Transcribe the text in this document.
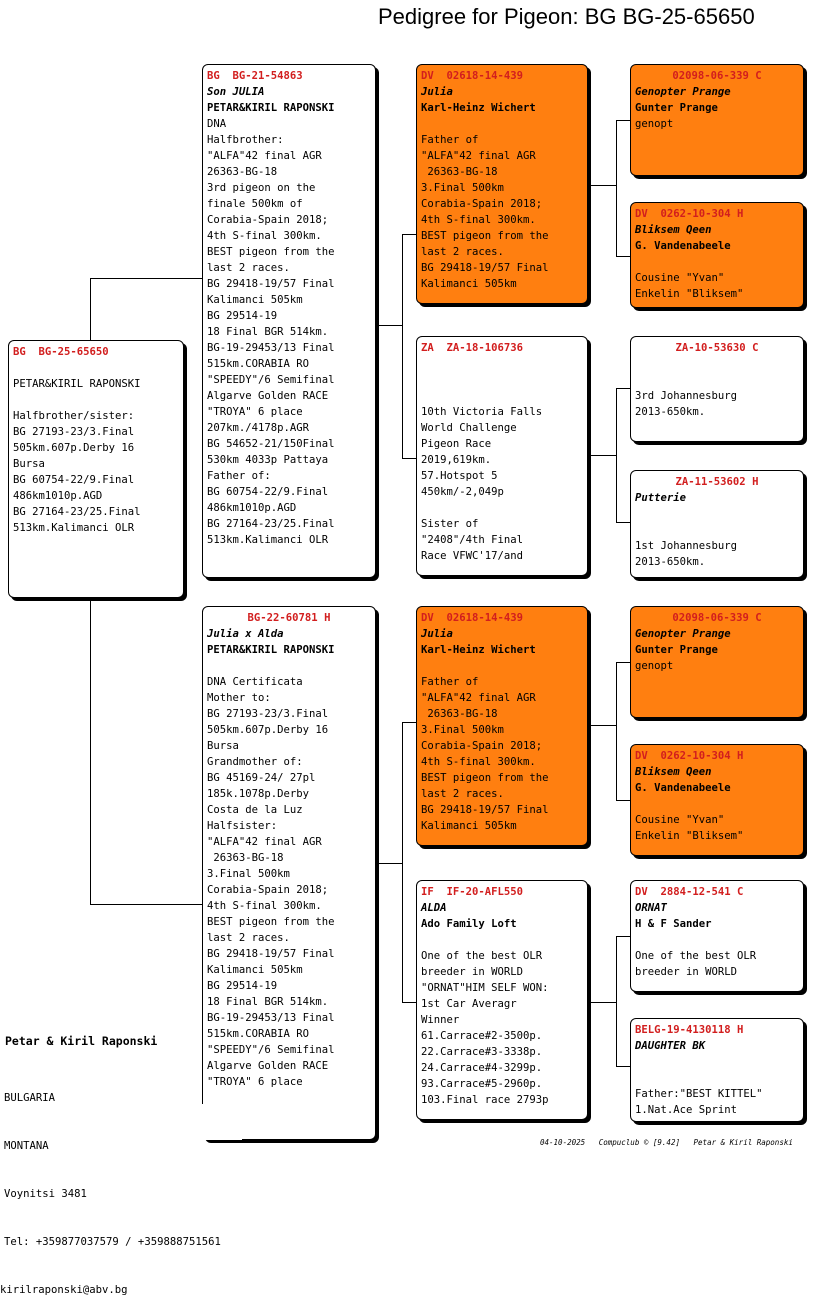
Pedigree for Pigeon: BG BG-25-65650
BG  BG-25-65650
PETAR&KIRIL RAPONSKI
Halfbrother/sister:
BG 27193-23/3.Final
505km.607p.Derby 16
Bursa
BG 60754-22/9.Final
486km1010p.AGD
BG 27164-23/25.Final
513km.Kalimanci OLR
BG  BG-21-54863
Son JULIA
PETAR&KIRIL RAPONSKI
DNA
Halfbrother:
"ALFA"42 final AGR
26363-BG-18
3rd pigeon on the
finale 500km of
Corabia-Spain 2018;
4th S-final 300km.
BEST pigeon from the
last 2 races.
BG 29418-19/57 Final
Kalimanci 505km
BG 29514-19
18 Final BGR 514km.
BG-19-29453/13 Final
515km.CORABIA RO
"SPEEDY"/6 Semifinal
Algarve Golden RACE
"TROYA" 6 place
207km./4178p.AGR
BG 54652-21/150Final
530km 4033p Pattaya
Father of:
BG 60754-22/9.Final
486km1010p.AGD
BG 27164-23/25.Final
513km.Kalimanci OLR
BG-22-60781 H
Julia x Alda
PETAR&KIRIL RAPONSKI
DNA Certificata
Mother to:
BG 27193-23/3.Final
505km.607p.Derby 16
Bursa
Grandmother of:
BG 45169-24/ 27pl
185k.1078p.Derby
Costa de la Luz
Halfsister:
"ALFA"42 final AGR
26363-BG-18
3.Final 500km
Corabia-Spain 2018;
4th S-final 300km.
BEST pigeon from the
last 2 races.
BG 29418-19/57 Final
Kalimanci 505km
BG 29514-19
18 Final BGR 514km.
BG-19-29453/13 Final
515km.CORABIA RO
"SPEEDY"/6 Semifinal
Algarve Golden RACE
"TROYA" 6 place
DV  02618-14-439
Julia
Karl-Heinz Wichert
Father of
"ALFA"42 final AGR
26363-BG-18
3.Final 500km
Corabia-Spain 2018;
4th S-final 300km.
BEST pigeon from the
last 2 races.
BG 29418-19/57 Final
Kalimanci 505km
ZA  ZA-18-106736
10th Victoria Falls
World Challenge
Pigeon Race
2019,619km.
57.Hotspot 5
450km/-2,049p
Sister of
"2408"/4th Final
Race VFWC'17/and
DV  02618-14-439
Julia
Karl-Heinz Wichert
Father of
"ALFA"42 final AGR
26363-BG-18
3.Final 500km
Corabia-Spain 2018;
4th S-final 300km.
BEST pigeon from the
last 2 races.
BG 29418-19/57 Final
Kalimanci 505km
IF  IF-20-AFL550
ALDA
Ado Family Loft
One of the best OLR
breeder in WORLD
"ORNAT"HIM SELF WON:
1st Car Averagr
Winner
61.Carrace#2-3500p.
22.Carrace#3-3338p.
24.Carrace#4-3299p.
93.Carrace#5-2960p.
103.Final race 2793p
02098-06-339 C
Genopter Prange
Gunter Prange
genopt
DV  0262-10-304 H
Bliksem Qeen
G. Vandenabeele
Cousine "Yvan"
Enkelin "Bliksem"
ZA-10-53630 C
3rd Johannesburg
2013-650km.
ZA-11-53602 H
Putterie
1st Johannesburg
2013-650km.
02098-06-339 C
Genopter Prange
Gunter Prange
genopt
DV  0262-10-304 H
Bliksem Qeen
G. Vandenabeele
Cousine "Yvan"
Enkelin "Bliksem"
DV  2884-12-541 C
ORNAT
H & F Sander
One of the best OLR
breeder in WORLD
BELG-19-4130118 H
DAUGHTER BK
Father:"BEST KITTEL"
1.Nat.Ace Sprint
Petar & Kiril Raponski

BULGARIA

MONTANA

Voynitsi 3481

Tel: +359877037579 / +359888751561

kirilraponski@abv.bg

04-10-2025   Compuclub © [9.42]   Petar & Kiril Raponski
